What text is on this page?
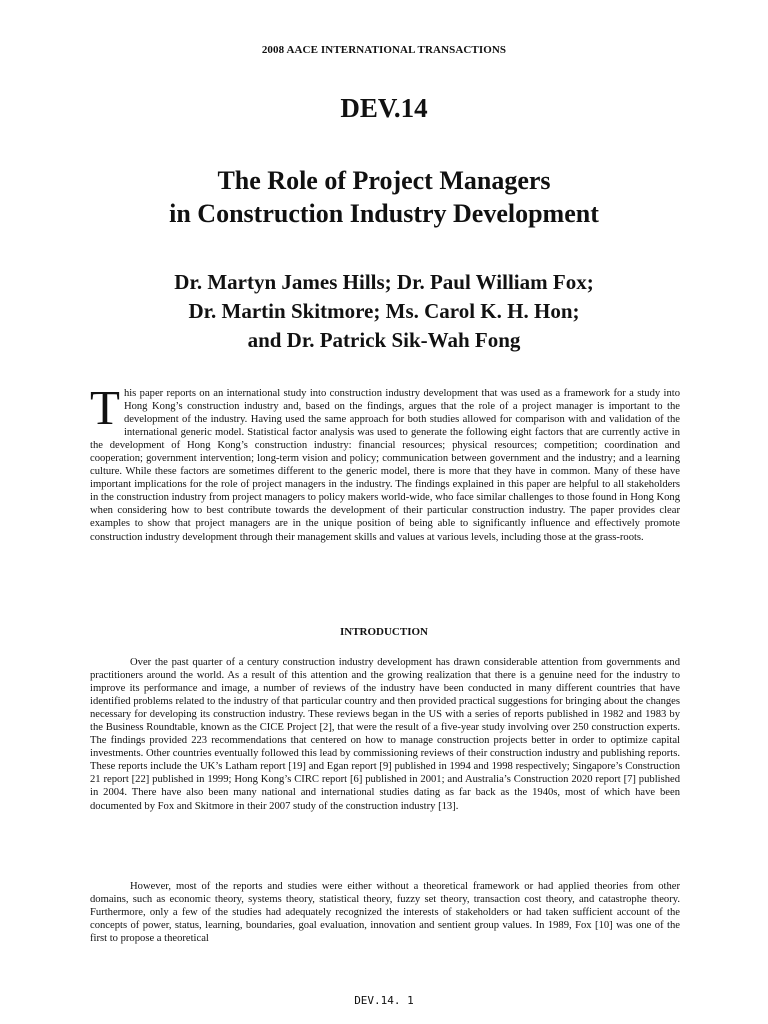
2008 AACE INTERNATIONAL TRANSACTIONS
DEV.14
The Role of Project Managers
in Construction Industry Development
Dr. Martyn James Hills; Dr. Paul William Fox;
Dr. Martin Skitmore; Ms. Carol K. H. Hon;
and Dr. Patrick Sik-Wah Fong
This paper reports on an international study into construction industry development that was used as a framework for a study into Hong Kong’s construction industry and, based on the findings, argues that the role of a project manager is important to the development of the industry. Having used the same approach for both studies allowed for comparison with and validation of the international generic model. Statistical factor analysis was used to generate the following eight factors that are currently active in the development of Hong Kong’s construction industry: financial resources; physical resources; competition; coordination and cooperation; government intervention; long-term vision and policy; communication between government and the industry; and a learning culture. While these factors are sometimes different to the generic model, there is more that they have in common. Many of these have important implications for the role of project managers in the industry. The findings explained in this paper are helpful to all stakeholders in the construction industry from project managers to policy makers world-wide, who face similar challenges to those found in Hong Kong when considering how to best contribute towards the development of their particular construction industry. The paper provides clear examples to show that project managers are in the unique position of being able to significantly influence and effectively promote construction industry development through their management skills and values at various levels, including those at the grass-roots.
INTRODUCTION
Over the past quarter of a century construction industry development has drawn considerable attention from governments and practitioners around the world. As a result of this attention and the growing realization that there is a genuine need for the industry to improve its performance and image, a number of reviews of the industry have been conducted in many different countries that have identified problems related to the industry of that particular country and then provided practical suggestions for bringing about the changes necessary for developing its construction industry. These reviews began in the US with a series of reports published in 1982 and 1983 by the Business Roundtable, known as the CICE Project [2], that were the result of a five-year study involving over 250 construction experts. The findings provided 223 recommendations that centered on how to manage construction projects better in order to optimize capital investments. Other countries eventually followed this lead by commissioning reviews of their construction industry and publishing reports. These reports include the UK’s Latham report [19] and Egan report [9] published in 1994 and 1998 respectively; Singapore’s Construction 21 report [22] published in 1999; Hong Kong’s CIRC report [6] published in 2001; and Australia’s Construction 2020 report [7] published in 2004. There have also been many national and international studies dating as far back as the 1940s, most of which have been documented by Fox and Skitmore in their 2007 study of the construction industry [13].
However, most of the reports and studies were either without a theoretical framework or had applied theories from other domains, such as economic theory, systems theory, statistical theory, fuzzy set theory, transaction cost theory, and catastrophe theory. Furthermore, only a few of the studies had adequately recognized the interests of stakeholders or had taken sufficient account of the concepts of power, status, learning, boundaries, goal evaluation, innovation and sentient group values. In 1989, Fox [10] was one of the first to propose a theoretical
DEV.14. 1
